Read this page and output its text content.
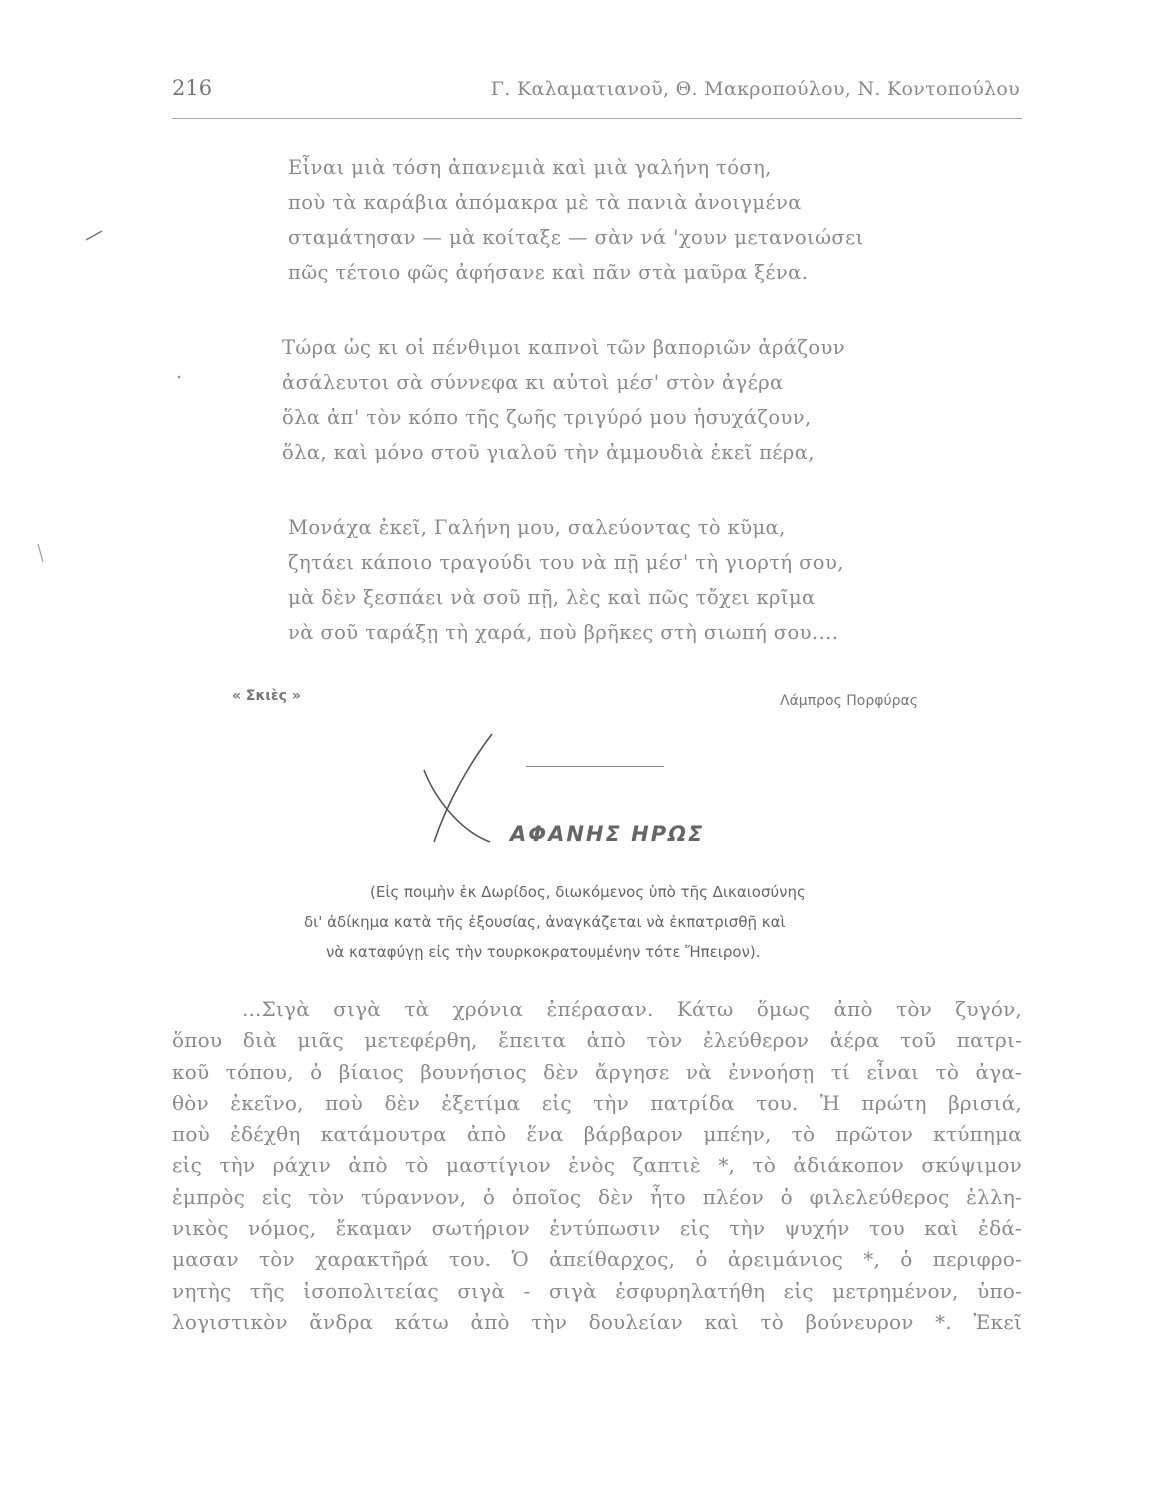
216	Γ. Καλαματιανοῦ, Θ. Μακροπούλου, Ν. Κοντοπούλου
Εἶναι μιὰ τόση ἀπανεμιὰ καὶ μιὰ γαλήνη τόση,
ποὺ τὰ καράβια ἀπόμακρα μὲ τὰ πανιὰ ἀνοιγμένα
σταμάτησαν — μὰ κοίταξε — σὰν νά 'χουν μετανοιώσει
πῶς τέτοιο φῶς ἀφήσανε καὶ πᾶν στὰ μαῦρα ξένα.
Τώρα ὡς κι οἱ πένθιμοι καπνοὶ τῶν βαποριῶν ἀράζουν
ἀσάλευτοι σὰ σύννεφα κι αὐτοὶ μέσ' στὸν ἀγέρα
ὅλα ἀπ' τὸν κόπο τῆς ζωῆς τριγύρό μου ἡσυχάζουν,
ὅλα, καὶ μόνο στοῦ γιαλοῦ τὴν ἀμμουδιὰ ἐκεῖ πέρα,
Μονάχα ἐκεῖ, Γαλήνη μου, σαλεύοντας τὸ κῦμα,
ζητάει κάποιο τραγούδι του νὰ πῇ μέσ' τὴ γιορτή σου,
μὰ δὲν ξεσπάει νὰ σοῦ πῇ, λὲς καὶ πῶς τὄχει κρῖμα
νὰ σοῦ ταράξῃ τὴ χαρά, ποὺ βρῆκες στὴ σιωπή σου....
« Σκιὲς »	Λάμπρος Πορφύρας
ΑΦΑΝΗΣ ΗΡΩΣ
(Εἰς ποιμὴν ἐκ Δωρίδος, διωκόμενος ὑπὸ τῆς Δικαιοσύνης
δι' ἀδίκημα κατὰ τῆς ἐξουσίας, ἀναγκάζεται νὰ ἐκπατρισθῇ καὶ
νὰ καταφύγῃ εἰς τὴν τουρκοκρατουμένην τότε Ἤπειρον).
...Σιγὰ σιγὰ τὰ χρόνια ἐπέρασαν. Κάτω ὅμως ἀπὸ τὸν ζυγόν,
ὅπου διὰ μιᾶς μετεφέρθη, ἔπειτα ἀπὸ τὸν ἐλεύθερον ἀέρα τοῦ πατρι-
κοῦ τόπου, ὁ βίαιος βουνήσιος δὲν ἄργησε νὰ ἐννοήσῃ τί εἶναι τὸ ἀγα-
θὸν ἐκεῖνο, ποὺ δὲν ἐξετίμα εἰς τὴν πατρίδα του. Ἡ πρώτη βρισιά,
ποὺ ἐδέχθη κατάμουτρα ἀπὸ ἕνα βάρβαρον μπέην, τὸ πρῶτον κτύπημα
εἰς τὴν ράχιν ἀπὸ τὸ μαστίγιον ἑνὸς ζαπτιὲ *, τὸ ἀδιάκοπον σκύψιμον
ἐμπρὸς εἰς τὸν τύραννον, ὁ ὁποῖος δὲν ἦτο πλέον ὁ φιλελεύθερος ἑλλη-
νικὸς νόμος, ἔκαμαν σωτήριον ἐντύπωσιν εἰς τὴν ψυχήν του καὶ ἐδά-
μασαν τὸν χαρακτῆρά του. Ὁ ἀπείθαρχος, ὁ ἀρειμάνιος *, ὁ περιφρο-
νητὴς τῆς ἰσοπολιτείας σιγὰ - σιγὰ ἐσφυρηλατήθη εἰς μετρημένον, ὑπο-
λογιστικὸν ἄνδρα κάτω ἀπὸ τὴν δουλείαν καὶ τὸ βούνευρον *. Ἐκεῖ
